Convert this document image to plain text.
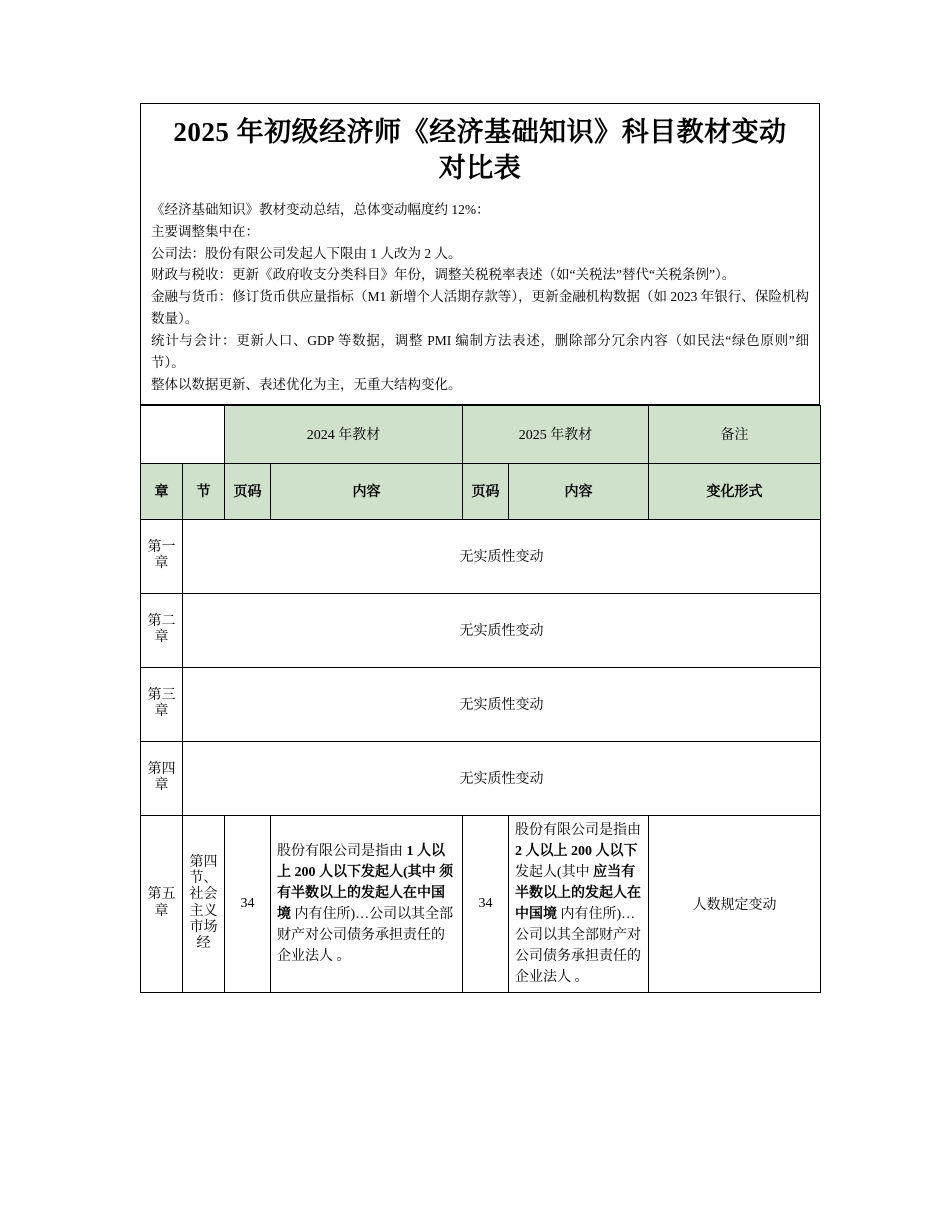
2025 年初级经济师《经济基础知识》科目教材变动对比表

《经济基础知识》教材变动总结，总体变动幅度约 12%：

主要调整集中在：

公司法：股份有限公司发起人下限由 1 人改为 2 人。

财政与税收：更新《政府收支分类科目》年份，调整关税税率表述（如“关税法”替代“关税条例”）。

金融与货币：修订货币供应量指标（M1 新增个人活期存款等），更新金融机构数据（如 2023 年银行、保险机构数量）。

统计与会计：更新人口、GDP 等数据，调整 PMI 编制方法表述，删除部分冗余内容（如民法“绿色原则”细节）。

整体以数据更新、表述优化为主，无重大结构变化。

		2024 年教材		2025 年教材		备注
章	节	页码	内容	页码	内容	变化形式
第一章	无实质性变动					
第二章	无实质性变动					
第三章	无实质性变动					
第四章	无实质性变动					
第五章	第四节、社会主义市场经	34	股份有限公司是指由 1 人以上 200 人以下发起人(其中 须有半数以上的发起人在中国境 内有住所)…公司以其全部财产对公司债务承担责任的企业法人 。	34	股份有限公司是指由 2 人以上 200 人以下 发起人(其中 应当有半数以上的发起人在中国境 内有住所)…公司以其全部财产对公司债务承担责任的企业法人 。	人数规定变动
